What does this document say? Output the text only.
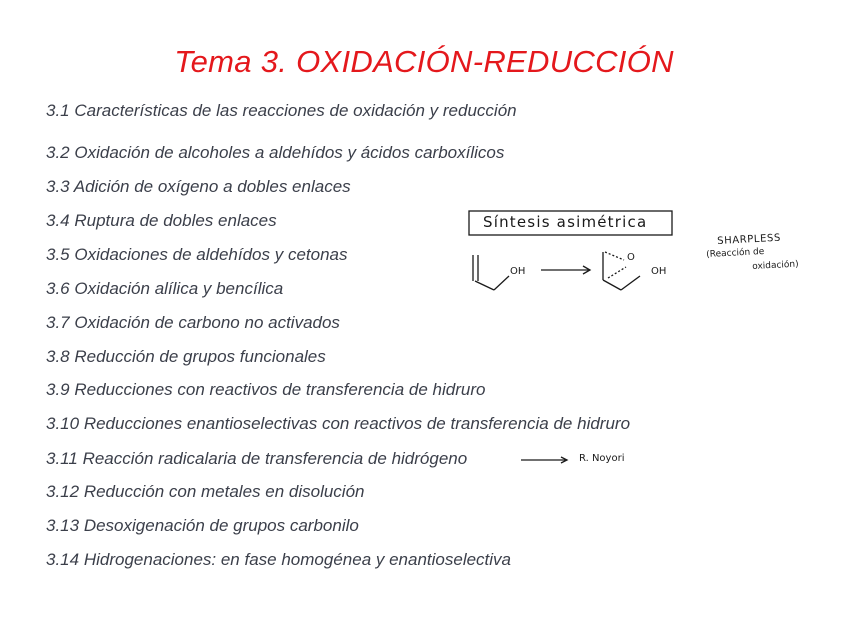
Tema 3. OXIDACIÓN-REDUCCIÓN
3.1 Características de las reacciones de oxidación y reducción
3.2 Oxidación de alcoholes a aldehídos y ácidos carboxílicos
3.3 Adición de oxígeno a dobles enlaces
3.4 Ruptura de dobles enlaces
3.5 Oxidaciones de aldehídos y cetonas
3.6 Oxidación alílica y bencílica
3.7 Oxidación de carbono no activados
3.8 Reducción de grupos funcionales
3.9 Reducciones con reactivos de transferencia de hidruro
3.10 Reducciones enantioselectivas con reactivos de transferencia de hidruro
3.11 Reacción radicalaria de transferencia de hidrógeno
3.12 Reducción con metales en disolución
3.13 Desoxigenación de grupos carbonilo
3.14 Hidrogenaciones: en fase homogénea y enantioselectiva
Síntesis asimétrica
OH
O
OH
SHARPLESS
(Reacción de
oxidación)
R. Noyori
